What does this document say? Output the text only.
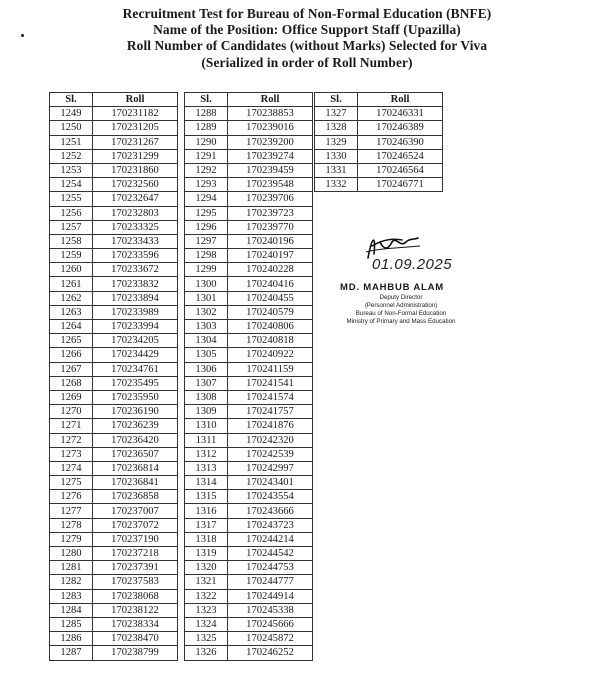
Recruitment Test for Bureau of Non-Formal Education (BNFE)
Name of the Position: Office Support Staff (Upazilla)
Roll Number of Candidates (without Marks) Selected for Viva
(Serialized in order of Roll Number)
Sl.	Roll
1249	170231182
1250	170231205
1251	170231267
1252	170231299
1253	170231860
1254	170232560
1255	170232647
1256	170232803
1257	170233325
1258	170233433
1259	170233596
1260	170233672
1261	170233832
1262	170233894
1263	170233989
1264	170233994
1265	170234205
1266	170234429
1267	170234761
1268	170235495
1269	170235950
1270	170236190
1271	170236239
1272	170236420
1273	170236507
1274	170236814
1275	170236841
1276	170236858
1277	170237007
1278	170237072
1279	170237190
1280	170237218
1281	170237391
1282	170237583
1283	170238068
1284	170238122
1285	170238334
1286	170238470
1287	170238799
Sl.	Roll
1288	170238853
1289	170239016
1290	170239200
1291	170239274
1292	170239459
1293	170239548
1294	170239706
1295	170239723
1296	170239770
1297	170240196
1298	170240197
1299	170240228
1300	170240416
1301	170240455
1302	170240579
1303	170240806
1304	170240818
1305	170240922
1306	170241159
1307	170241541
1308	170241574
1309	170241757
1310	170241876
1311	170242320
1312	170242539
1313	170242997
1314	170243401
1315	170243554
1316	170243666
1317	170243723
1318	170244214
1319	170244542
1320	170244753
1321	170244777
1322	170244914
1323	170245338
1324	170245666
1325	170245872
1326	170246252
Sl.	Roll
1327	170246331
1328	170246389
1329	170246390
1330	170246524
1331	170246564
1332	170246771
01.09.2025
MD. MAHBUB ALAM
Deputy Director
(Personnel Administration)
Bureau of Non-Formal Education
Ministry of Primary and Mass Education
